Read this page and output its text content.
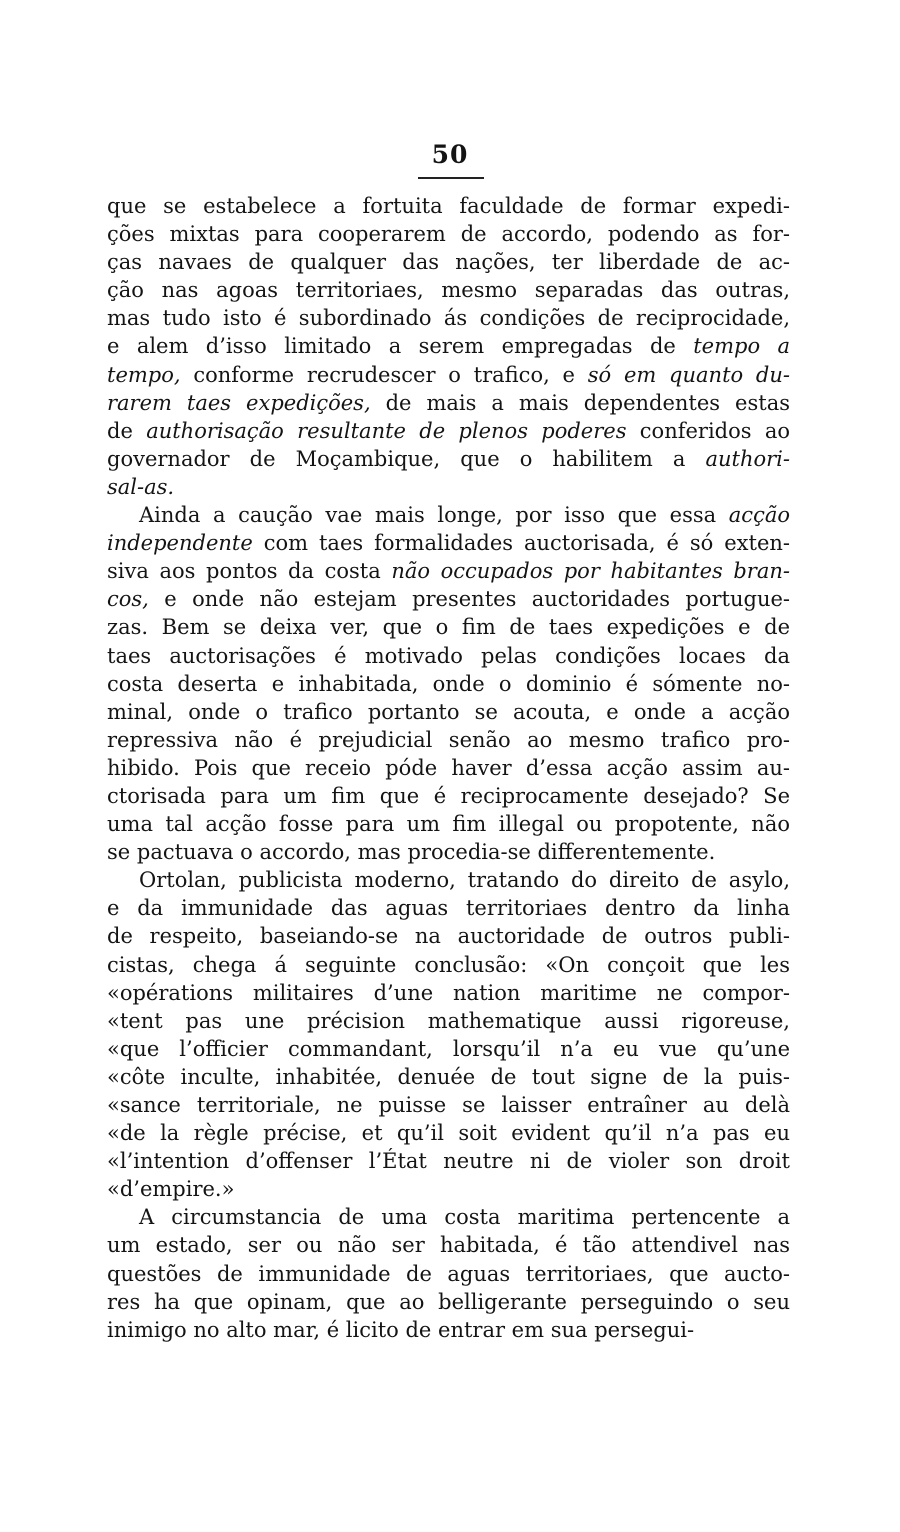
50
que se estabelece a fortuita faculdade de formar expedi-
ções mixtas para cooperarem de accordo, podendo as for-
ças navaes de qualquer das nações, ter liberdade de ac-
ção nas agoas territoriaes, mesmo separadas das outras,
mas tudo isto é subordinado ás condições de reciprocidade,
e alem d’isso limitado a serem empregadas de tempo a
tempo, conforme recrudescer o trafico, e só em quanto du-
rarem taes expedições, de mais a mais dependentes estas
de authorisação resultante de plenos poderes conferidos ao
governador de Moçambique, que o habilitem a authori-
sal-as.
Ainda a caução vae mais longe, por isso que essa acção
independente com taes formalidades auctorisada, é só exten-
siva aos pontos da costa não occupados por habitantes bran-
cos, e onde não estejam presentes auctoridades portugue-
zas. Bem se deixa ver, que o fim de taes expedições e de
taes auctorisações é motivado pelas condições locaes da
costa deserta e inhabitada, onde o dominio é sómente no-
minal, onde o trafico portanto se acouta, e onde a acção
repressiva não é prejudicial senão ao mesmo trafico pro-
hibido. Pois que receio póde haver d’essa acção assim au-
ctorisada para um fim que é reciprocamente desejado? Se
uma tal acção fosse para um fim illegal ou propotente, não
se pactuava o accordo, mas procedia-se differentemente.
Ortolan, publicista moderno, tratando do direito de asylo,
e da immunidade das aguas territoriaes dentro da linha
de respeito, baseiando-se na auctoridade de outros publi-
cistas, chega á seguinte conclusão: «On conçoit que les
«opérations militaires d’une nation maritime ne compor-
«tent pas une précision mathematique aussi rigoreuse,
«que l’officier commandant, lorsqu’il n’a eu vue qu’une
«côte inculte, inhabitée, denuée de tout signe de la puis-
«sance territoriale, ne puisse se laisser entraîner au delà
«de la règle précise, et qu’il soit evident qu’il n’a pas eu
«l’intention d’offenser l’État neutre ni de violer son droit
«d’empire.»
A circumstancia de uma costa maritima pertencente a
um estado, ser ou não ser habitada, é tão attendivel nas
questões de immunidade de aguas territoriaes, que aucto-
res ha que opinam, que ao belligerante perseguindo o seu
inimigo no alto mar, é licito de entrar em sua persegui-
